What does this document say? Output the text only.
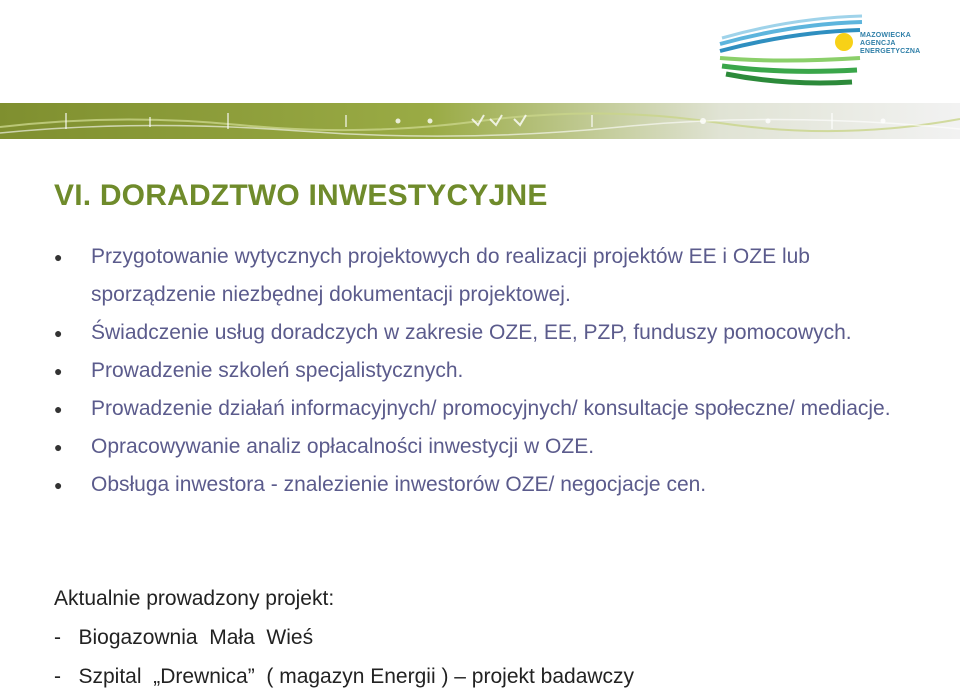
MAZOWIECKA
AGENCJA
ENERGETYCZNA
VI. DORADZTWO INWESTYCYJNE
● Przygotowanie wytycznych projektowych do realizacji projektów EE i OZE lub sporządzenie niezbędnej dokumentacji projektowej.
● Świadczenie usług doradczych w zakresie OZE, EE, PZP, funduszy pomocowych.
● Prowadzenie szkoleń specjalistycznych.
● Prowadzenie działań informacyjnych/ promocyjnych/ konsultacje społeczne/ mediacje.
● Opracowywanie analiz opłacalności inwestycji w OZE.
● Obsługa inwestora - znalezienie inwestorów OZE/ negocjacje cen.
Aktualnie prowadzony projekt:
-   Biogazownia  Mała  Wieś
-   Szpital  „Drewnica”  ( magazyn Energii ) – projekt badawczy
